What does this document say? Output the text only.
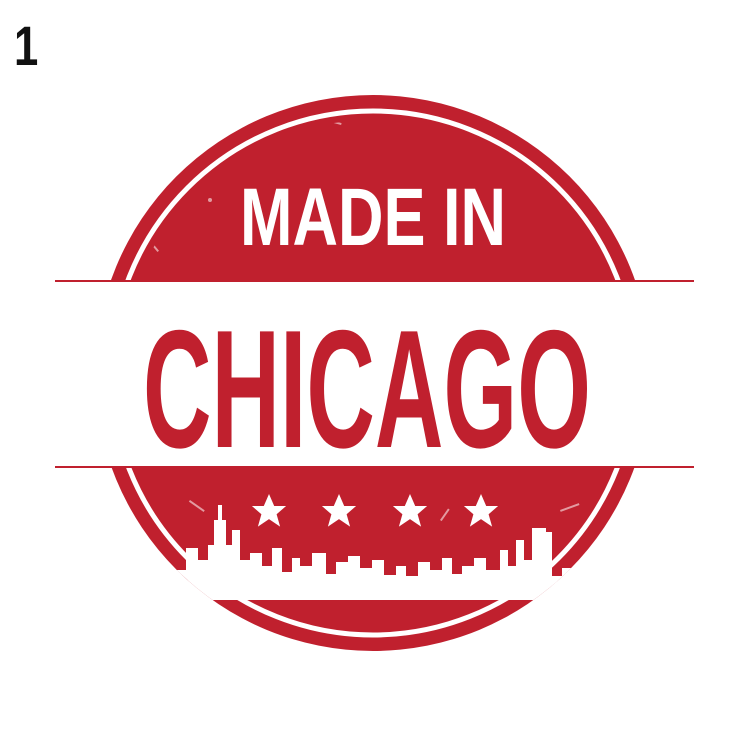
1
MADE IN
CHICAGO
